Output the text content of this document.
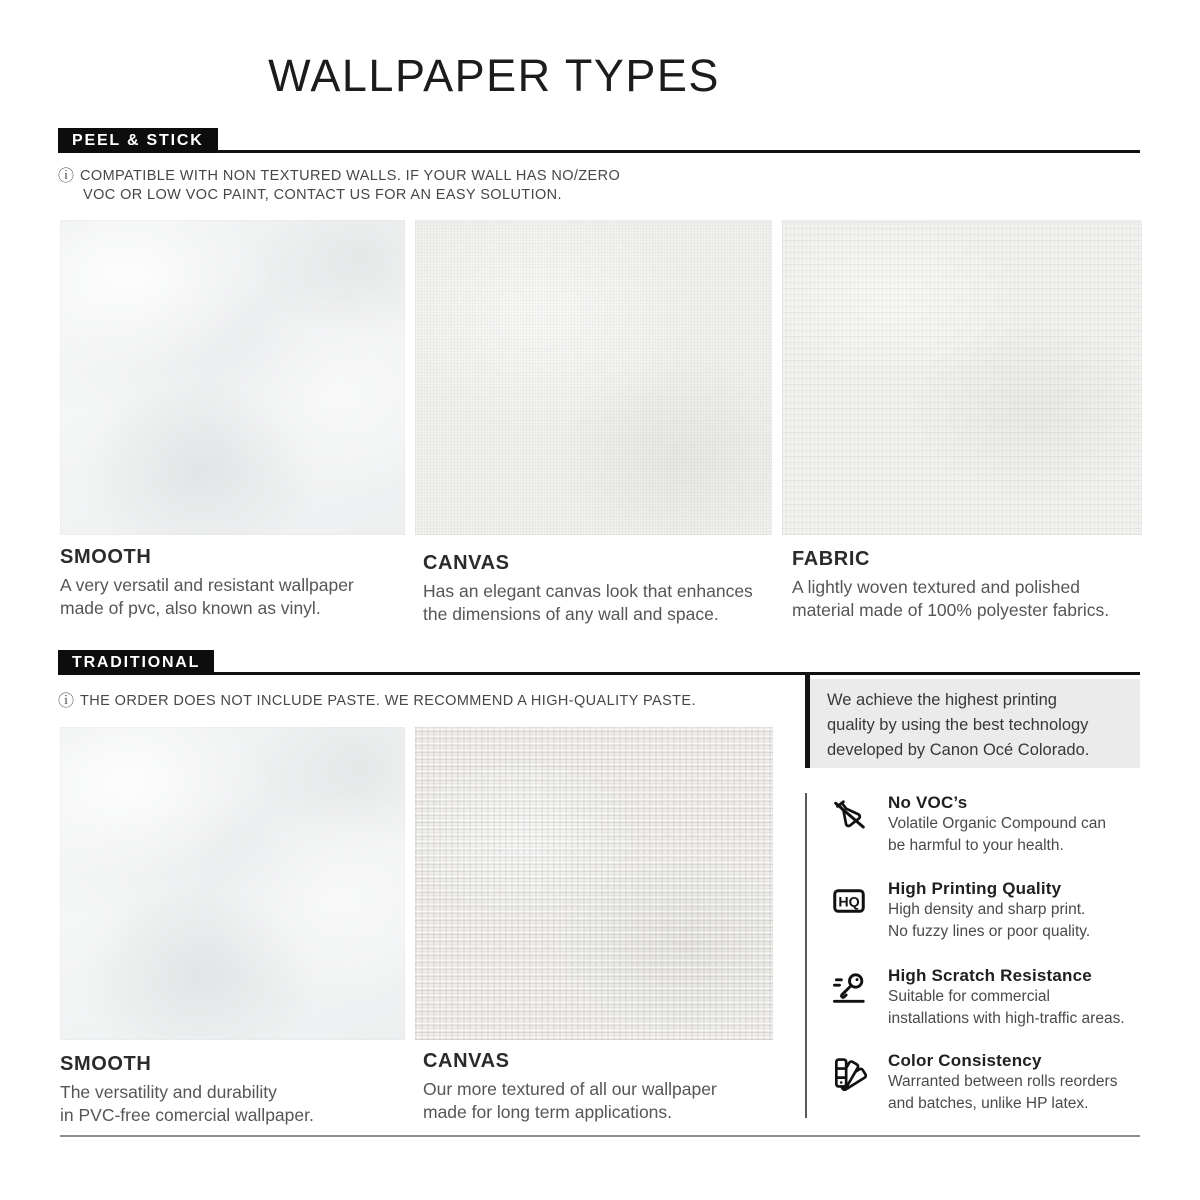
WALLPAPER TYPES
PEEL & STICK
ⓘ COMPATIBLE WITH NON TEXTURED WALLS. IF YOUR WALL HAS NO/ZERO
VOC OR LOW VOC PAINT, CONTACT US FOR AN EASY SOLUTION.
SMOOTH
A very versatil and resistant wallpaper
made of pvc, also known as vinyl.
CANVAS
Has an elegant canvas look that enhances
the dimensions of any wall and space.
FABRIC
A lightly woven textured and polished
material made of 100% polyester fabrics.
TRADITIONAL
ⓘ THE ORDER DOES NOT INCLUDE PASTE. WE RECOMMEND A HIGH-QUALITY PASTE.
SMOOTH
The versatility and durability
in PVC-free comercial wallpaper.
CANVAS
Our more textured of all our wallpaper
made for long term applications.
We achieve the highest printing
quality by using the best technology
developed by Canon Océ Colorado.
No VOC’s
Volatile Organic Compound can
be harmful to your health.
HQ
High Printing Quality
High density and sharp print.
No fuzzy lines or poor quality.
High Scratch Resistance
Suitable for commercial
installations with high-traffic areas.
Color Consistency
Warranted between rolls reorders
and batches, unlike HP latex.
